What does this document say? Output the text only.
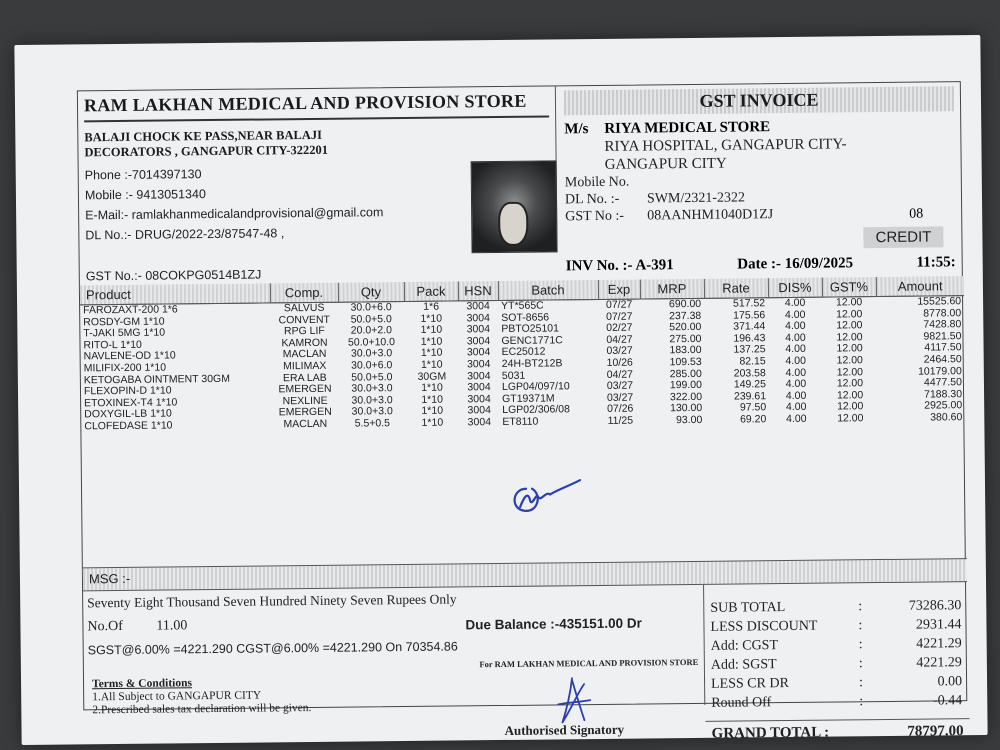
RAM LAKHAN MEDICAL AND PROVISION STORE
BALAJI CHOCK KE PASS,NEAR BALAJI DECORATORS , GANGAPUR CITY-322201
Phone :-7014397130
Mobile :- 9413051340
E-Mail:- ramlakhanmedicalandprovisional@gmail.com
DL No.:- DRUG/2022-23/87547-48 ,
GST No.:- 08COKPG0514B1ZJ
GST INVOICE
M/s	RIYA MEDICAL STORE
RIYA HOSPITAL, GANGAPUR CITY-
GANGAPUR CITY
Mobile No.
DL No. :-	SWM/2321-2322
GST No :-	08AANHM1040D1ZJ	08
CREDIT
INV No. :- A-391	Date :- 16/09/2025	11:55:
Product	Comp.	Qty	Pack	HSN	Batch	Exp	MRP	Rate	DIS%	GST%	Amount
FAROZAXT-200 1*6	SALVUS	30.0+6.0	1*6	3004	YT*565C	07/27	690.00	517.52	4.00	12.00	15525.60
ROSDY-GM 1*10	CONVENT	50.0+5.0	1*10	3004	SOT-8656	07/27	237.38	175.56	4.00	12.00	8778.00
T-JAKI 5MG 1*10	RPG LIF	20.0+2.0	1*10	3004	PBTO25101	02/27	520.00	371.44	4.00	12.00	7428.80
RITO-L 1*10	KAMRON	50.0+10.0	1*10	3004	GENC1771C	04/27	275.00	196.43	4.00	12.00	9821.50
NAVLENE-OD 1*10	MACLAN	30.0+3.0	1*10	3004	EC25012	03/27	183.00	137.25	4.00	12.00	4117.50
MILIFIX-200 1*10	MILIMAX	30.0+6.0	1*10	3004	24H-BT212B	10/26	109.53	82.15	4.00	12.00	2464.50
KETOGABA OINTMENT 30GM	ERA LAB	50.0+5.0	30GM	3004	5031	04/27	285.00	203.58	4.00	12.00	10179.00
FLEXOPIN-D 1*10	EMERGEN	30.0+3.0	1*10	3004	LGP04/097/10	03/27	199.00	149.25	4.00	12.00	4477.50
ETOXINEX-T4 1*10	NEXLINE	30.0+3.0	1*10	3004	GT19371M	03/27	322.00	239.61	4.00	12.00	7188.30
DOXYGIL-LB 1*10	EMERGEN	30.0+3.0	1*10	3004	LGP02/306/08	07/26	130.00	97.50	4.00	12.00	2925.00
CLOFEDASE 1*10	MACLAN	5.5+0.5	1*10	3004	ET8110	11/25	93.00	69.20	4.00	12.00	380.60
MSG :-
Seventy Eight Thousand Seven Hundred Ninety Seven Rupees Only
No.Of 11.00	Due Balance :-435151.00 Dr
SGST@6.00% =4221.290 CGST@6.00% =4221.290 On 70354.86
For RAM LAKHAN MEDICAL AND PROVISION STORE
Terms & Conditions
1.All Subject to GANGAPUR CITY
2.Prescribed sales tax declaration will be given.
Authorised Signatory
SUB TOTAL	:	73286.30
LESS DISCOUNT	:	2931.44
Add: CGST	:	4221.29
Add: SGST	:	4221.29
LESS CR DR	:	0.00
Round Off	:	-0.44
GRAND TOTAL :	78797.00
